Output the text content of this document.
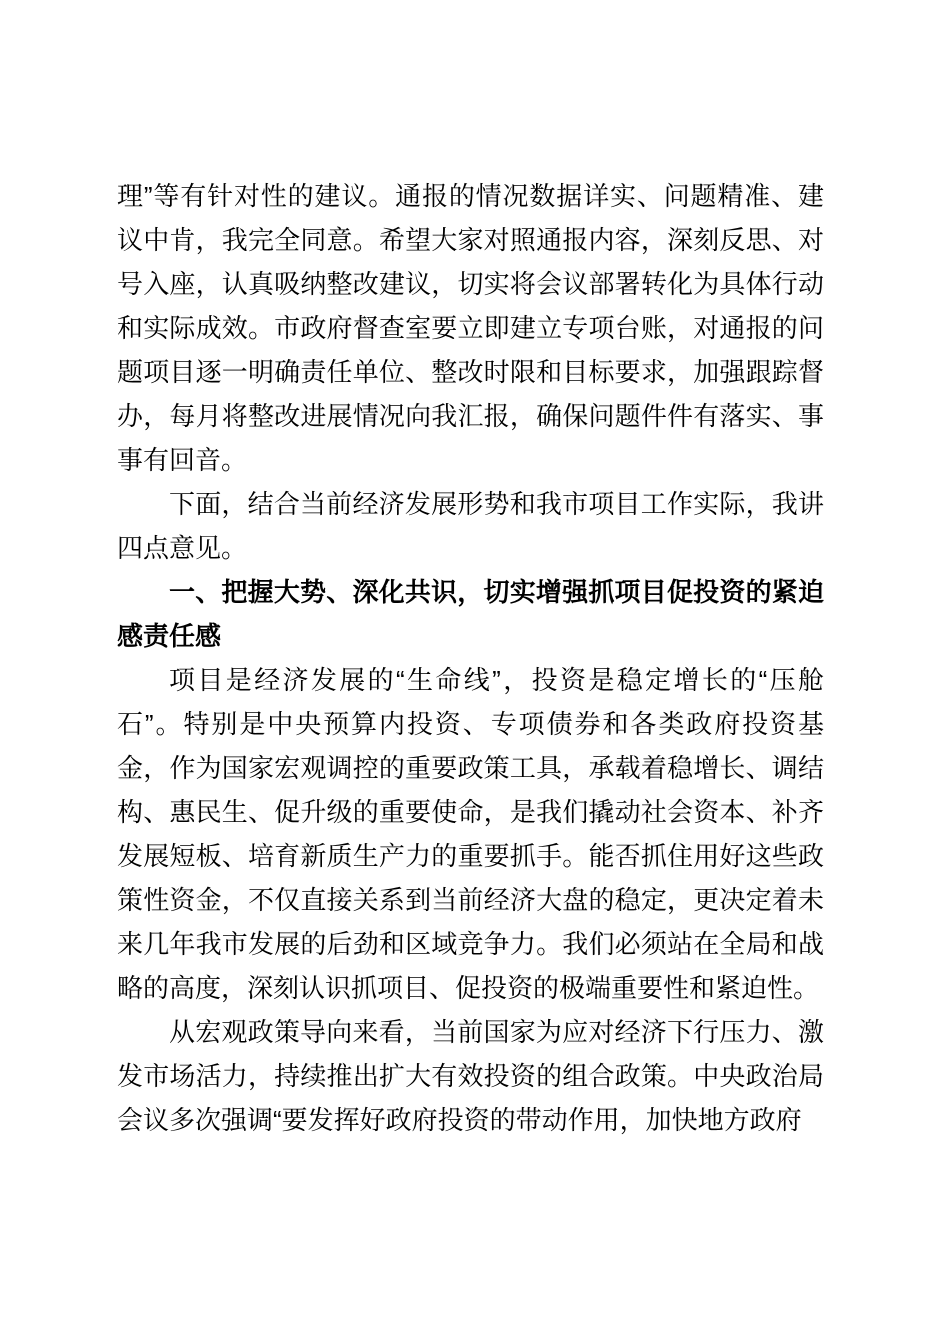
理”等有针对性的建议。通报的情况数据详实、问题精准、建议中肯，我完全同意。希望大家对照通报内容，深刻反思、对号入座，认真吸纳整改建议，切实将会议部署转化为具体行动和实际成效。市政府督查室要立即建立专项台账，对通报的问题项目逐一明确责任单位、整改时限和目标要求，加强跟踪督办，每月将整改进展情况向我汇报，确保问题件件有落实、事事有回音。

下面，结合当前经济发展形势和我市项目工作实际，我讲四点意见。

一、把握大势、深化共识，切实增强抓项目促投资的紧迫感责任感

项目是经济发展的“生命线”，投资是稳定增长的“压舱石”。特别是中央预算内投资、专项债券和各类政府投资基金，作为国家宏观调控的重要政策工具，承载着稳增长、调结构、惠民生、促升级的重要使命，是我们撬动社会资本、补齐发展短板、培育新质生产力的重要抓手。能否抓住用好这些政策性资金，不仅直接关系到当前经济大盘的稳定，更决定着未来几年我市发展的后劲和区域竞争力。我们必须站在全局和战略的高度，深刻认识抓项目、促投资的极端重要性和紧迫性。

从宏观政策导向来看，当前国家为应对经济下行压力、激发市场活力，持续推出扩大有效投资的组合政策。中央政治局会议多次强调“要发挥好政府投资的带动作用，加快地方政府
